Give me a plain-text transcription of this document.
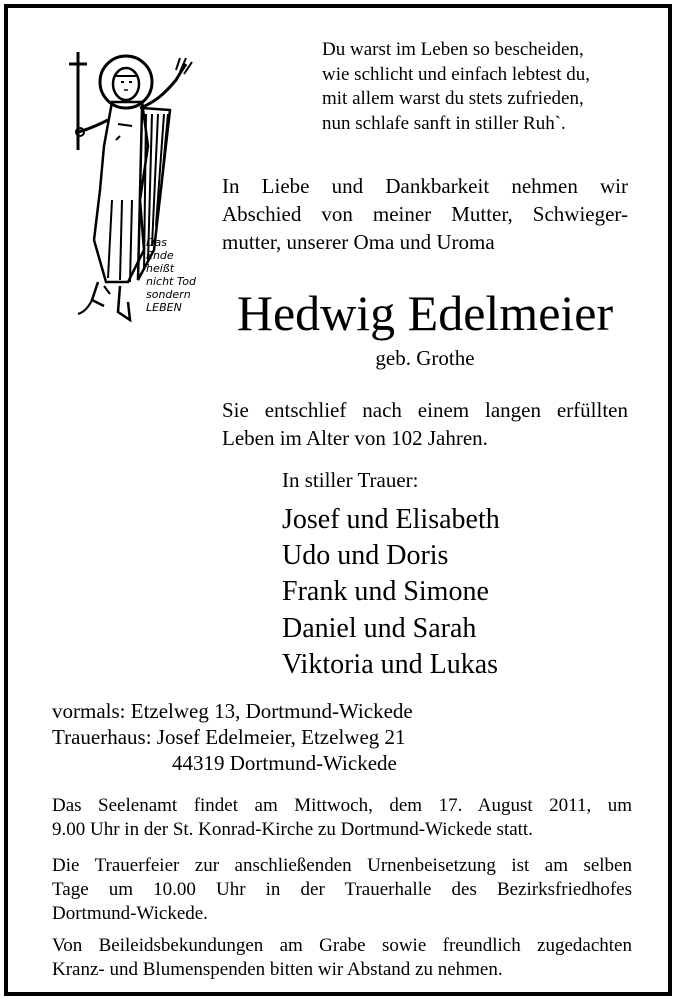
Das Ende
heißt
nicht Tod
sondern
LEBEN
Du warst im Leben so bescheiden,
wie schlicht und einfach lebtest du,
mit allem warst du stets zufrieden,
nun schlafe sanft in stiller Ruh`.
In Liebe und Dankbarkeit nehmen wir
Abschied von meiner Mutter, Schwieger-
mutter, unserer Oma und Uroma
Hedwig Edelmeier
geb. Grothe
Sie entschlief nach einem langen erfüllten
Leben im Alter von 102 Jahren.
In stiller Trauer:
Josef und Elisabeth
Udo und Doris
Frank und Simone
Daniel und Sarah
Viktoria und Lukas
vormals: Etzelweg 13, Dortmund-Wickede
Trauerhaus: Josef Edelmeier, Etzelweg 21
44319 Dortmund-Wickede
Das Seelenamt findet am Mittwoch, dem 17. August 2011, um
9.00 Uhr in der St. Konrad-Kirche zu Dortmund-Wickede statt.
Die Trauerfeier zur anschließenden Urnenbeisetzung ist am selben
Tage um 10.00 Uhr in der Trauerhalle des Bezirksfriedhofes
Dortmund-Wickede.
Von Beileidsbekundungen am Grabe sowie freundlich zugedachten
Kranz- und Blumenspenden bitten wir Abstand zu nehmen.
